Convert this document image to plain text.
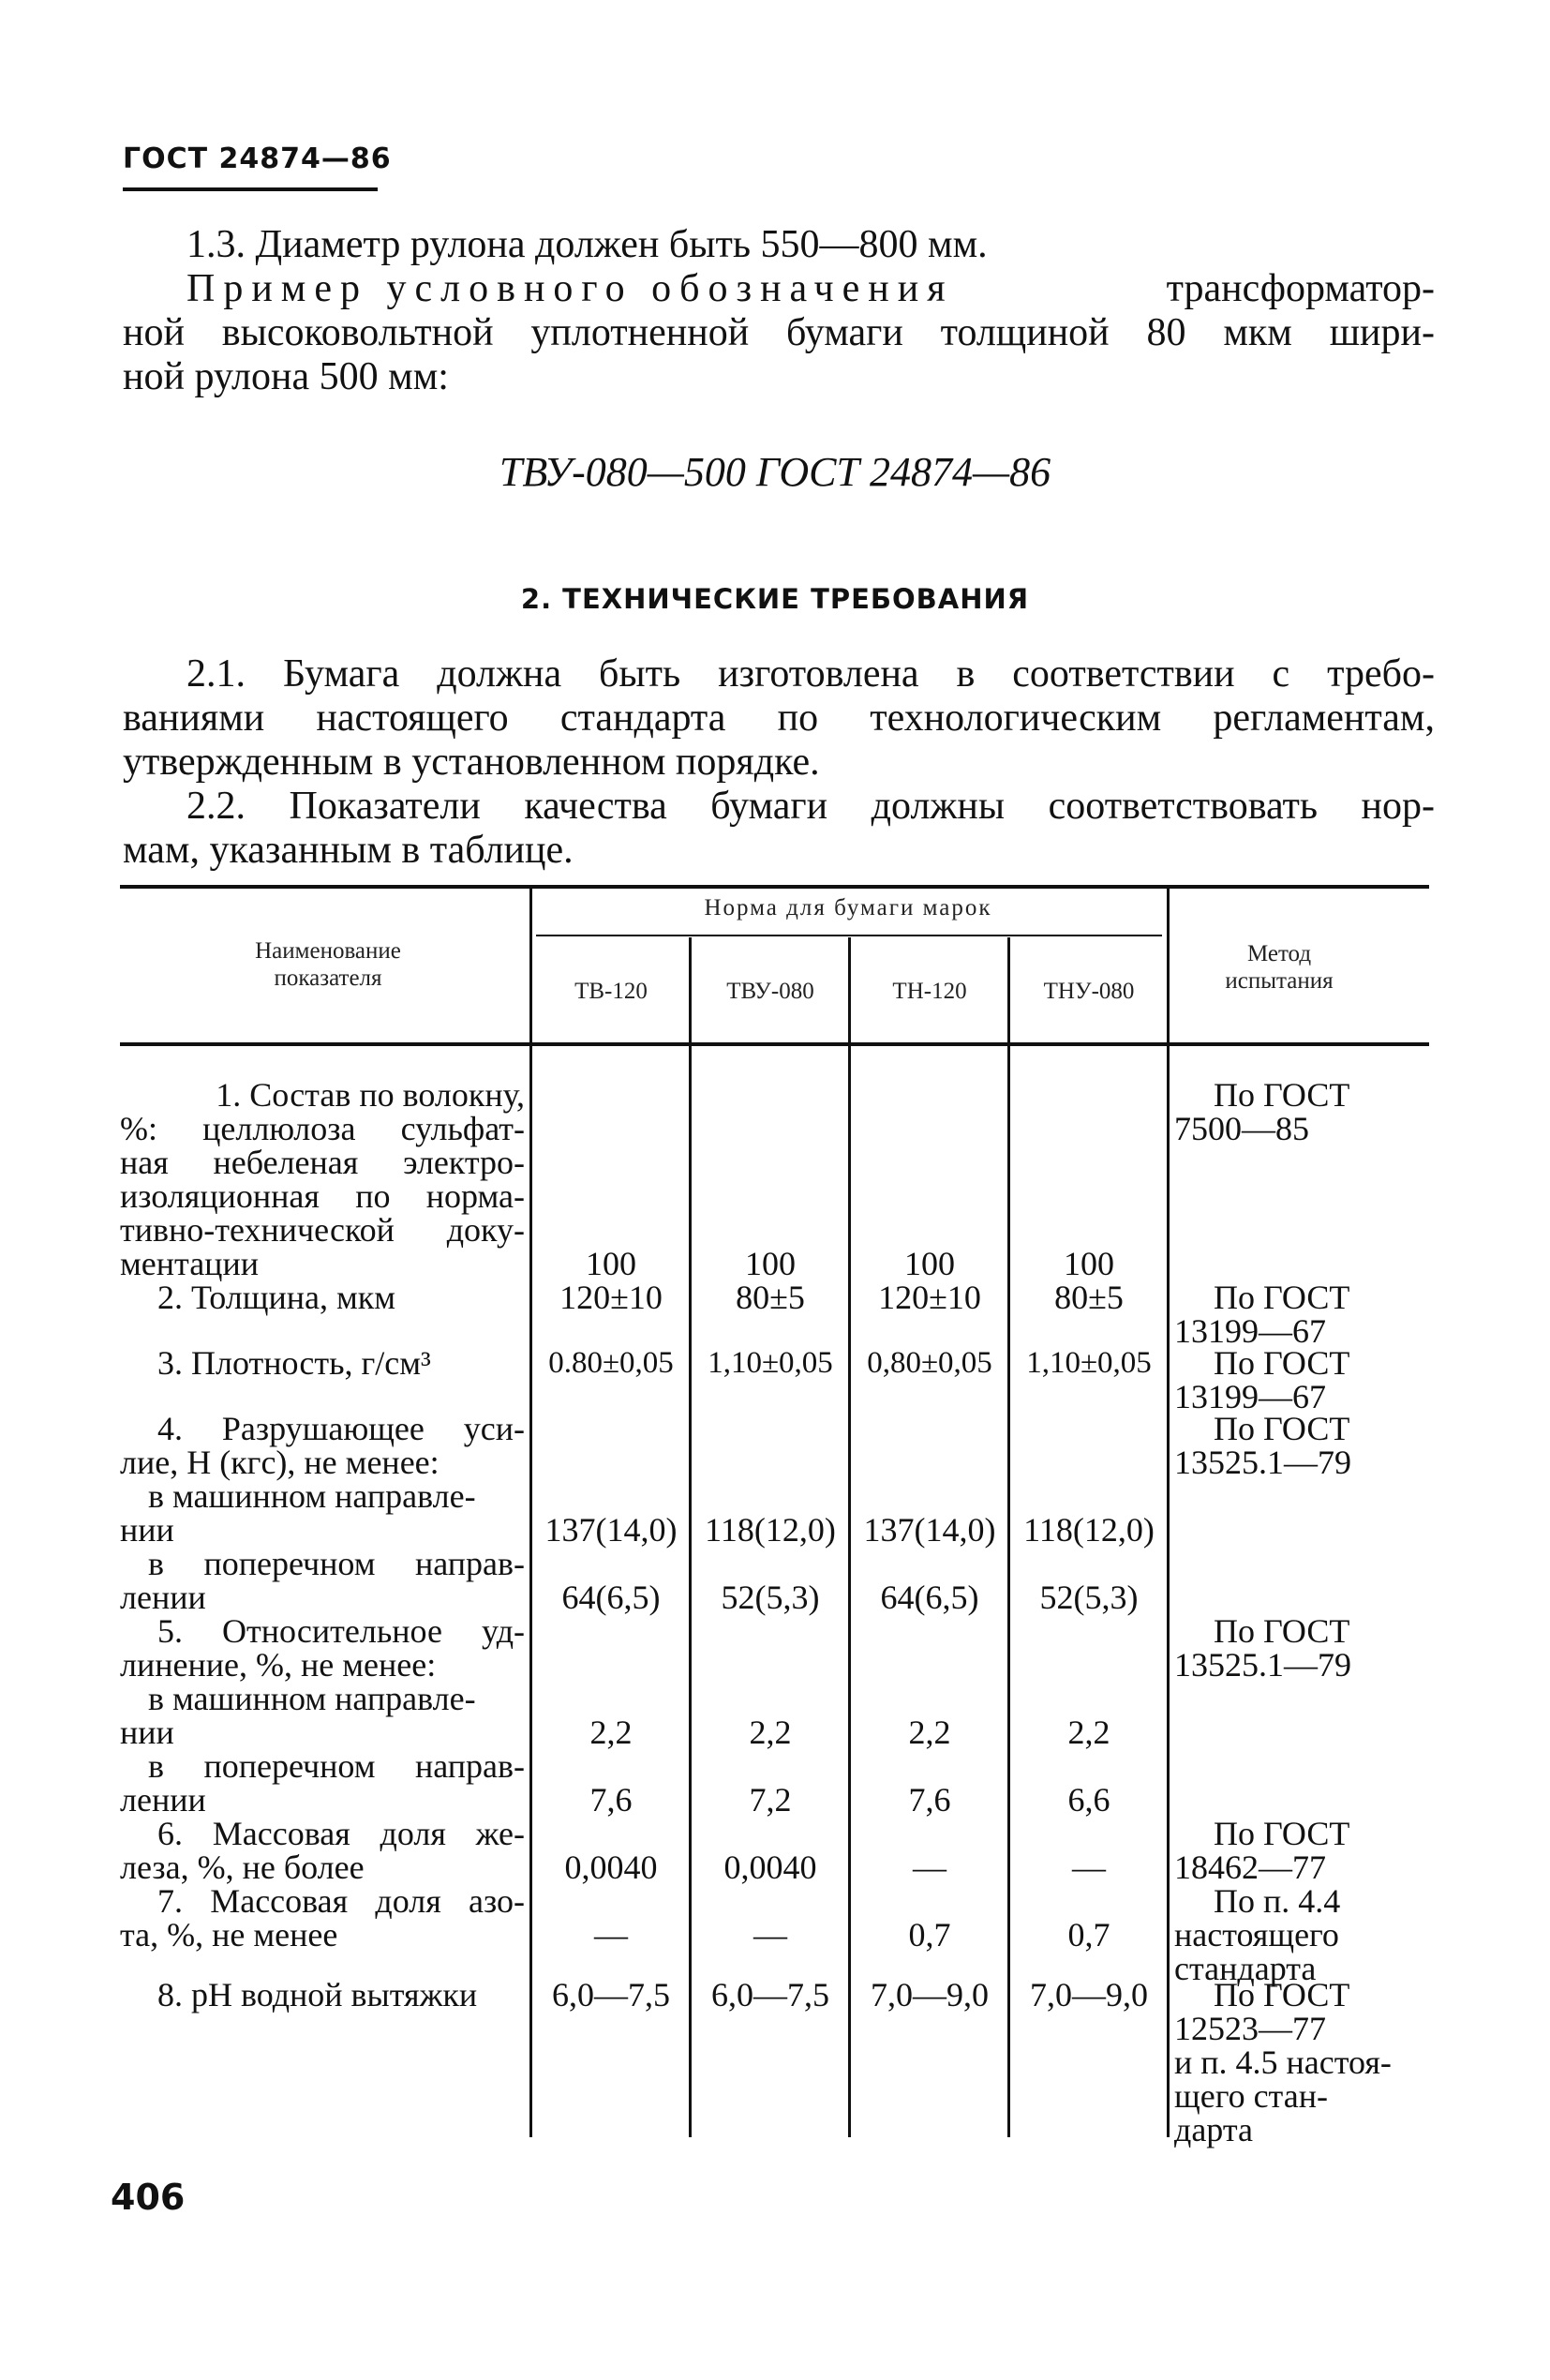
ГОСТ 24874—86
1.3. Диаметр рулона должен быть 550—800 мм.
Пример условного обозначения	трансформатор-
ной высоковольтной уплотненной бумаги толщиной 80 мкм шири-
ной рулона 500 мм:
ТВУ-080—500 ГОСТ 24874—86
2. ТЕХНИЧЕСКИЕ ТРЕБОВАНИЯ
2.1. Бумага должна быть изготовлена в соответствии с требо-
ваниями настоящего стандарта по технологическим регламентам,
утвержденным в установленном порядке.
2.2. Показатели качества бумаги должны соответствовать нор-
мам, указанным в таблице.
Наименование
показателя
Норма для бумаги марок
ТВ-120	ТВУ-080	ТН-120	ТНУ-080
Метод
испытания
1. Состав по волокну,
%: целлюлоза сульфат-
ная небеленая электро-
изоляционная по норма-
тивно-технической доку-
ментации	100	100	100	100
По ГОСТ
7500—85
2. Толщина, мкм	120±10	80±5	120±10	80±5	По ГОСТ
13199—67
3. Плотность, г/см³	0.80±0,05	1,10±0,05	0,80±0,05	1,10±0,05	По ГОСТ
13199—67
4. Разрушающее уси-
лие, Н (кгс), не менее:
По ГОСТ
13525.1—79
в машинном направле-
нии	137(14,0) 118(12,0) 137(14,0) 118(12,0)
в поперечном направ-
лении	64(6,5)	52(5,3)	64(6,5)	52(5,3)
5. Относительное уд-
линение, %, не менее:
По ГОСТ
13525.1—79
в машинном направле-
нии	2,2	2,2	2,2	2,2
в поперечном направ-
лении	7,6	7,2	7,6	6,6
6. Массовая доля же-
леза, %, не более	0,0040	0,0040	—	—
По ГОСТ
18462—77
7. Массовая доля азо-
та, %, не менее	—	—	0,7	0,7
По п. 4.4
настоящего
стандарта
8. pH водной вытяжки	6,0—7,5	6,0—7,5	7,0—9,0	7,0—9,0	По ГОСТ
12523—77
и п. 4.5 настоя-
щего стан-
дарта
406
